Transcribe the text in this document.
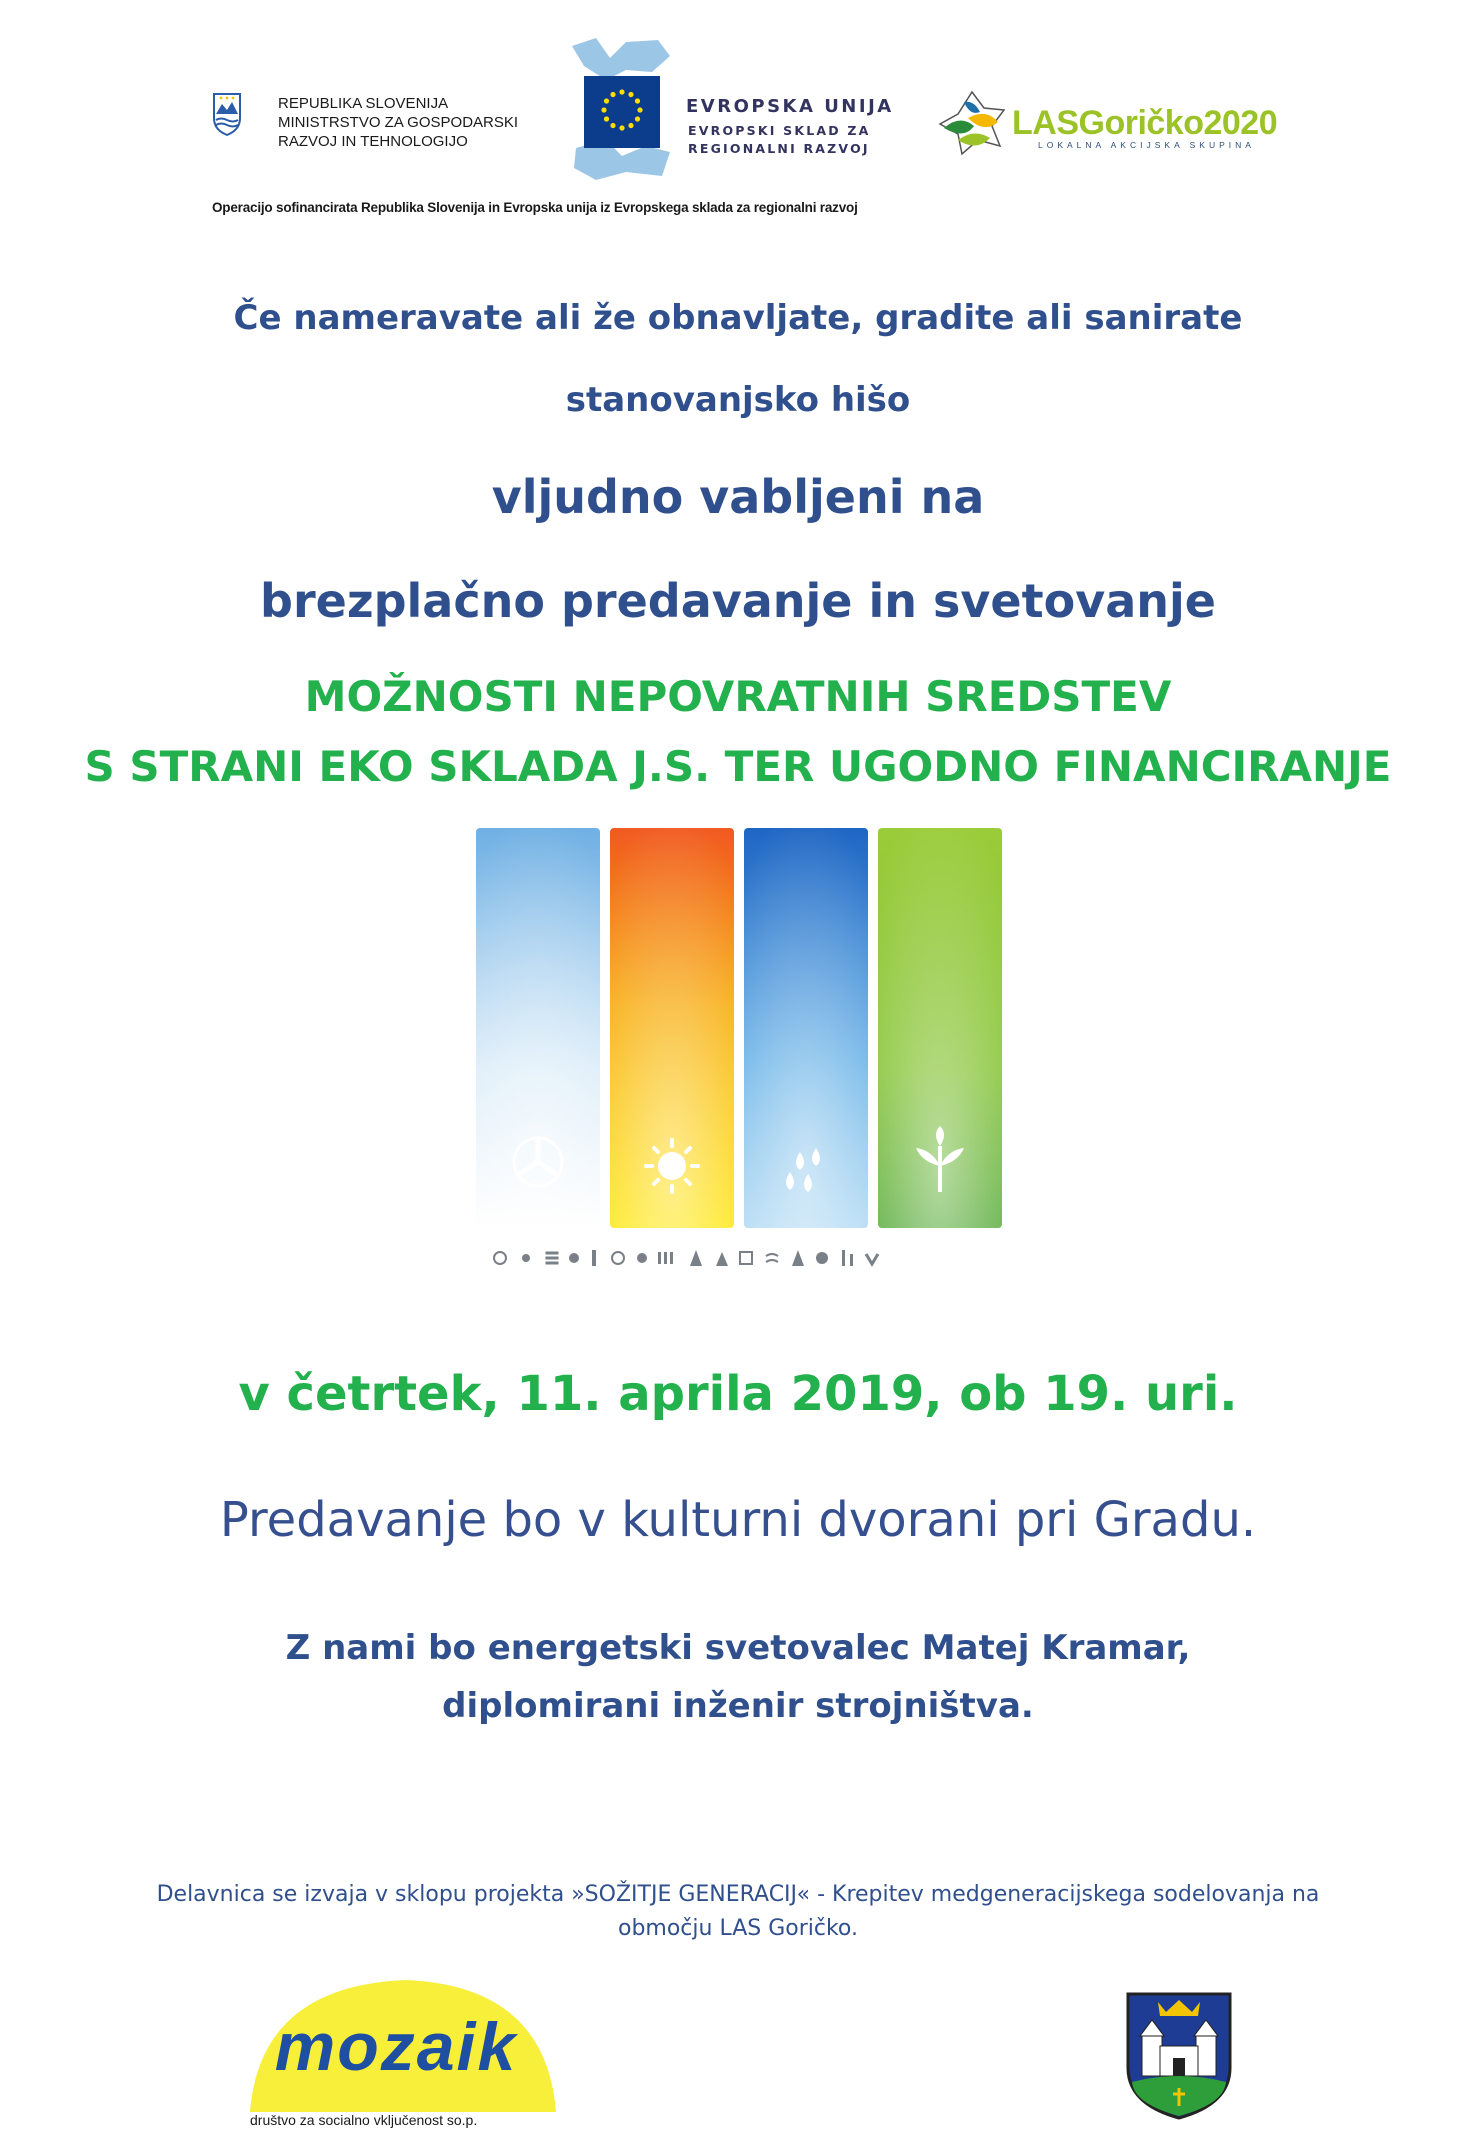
REPUBLIKA SLOVENIJA
MINISTRSTVO ZA GOSPODARSKI
RAZVOJ IN TEHNOLOGIJO
EVROPSKA UNIJA
EVROPSKI SKLAD ZA
REGIONALNI RAZVOJ
LASGoričko2020
LOKALNA AKCIJSKA SKUPINA
Operacijo sofinancirata Republika Slovenija in Evropska unija iz Evropskega sklada za regionalni razvoj
Če nameravate ali že obnavljate, gradite ali sanirate
stanovanjsko hišo
vljudno vabljeni na
brezplačno predavanje in svetovanje
MOŽNOSTI NEPOVRATNIH SREDSTEV
S STRANI EKO SKLADA J.S. TER UGODNO FINANCIRANJE
v četrtek, 11. aprila 2019, ob 19. uri.
Predavanje bo v kulturni dvorani pri Gradu.
Z nami bo energetski svetovalec Matej Kramar,
diplomirani inženir strojništva.
Delavnica se izvaja v sklopu projekta »SOŽITJE GENERACIJ« - Krepitev medgeneracijskega sodelovanja na
območju LAS Goričko.
mozaik
društvo za socialno vključenost so.p.
